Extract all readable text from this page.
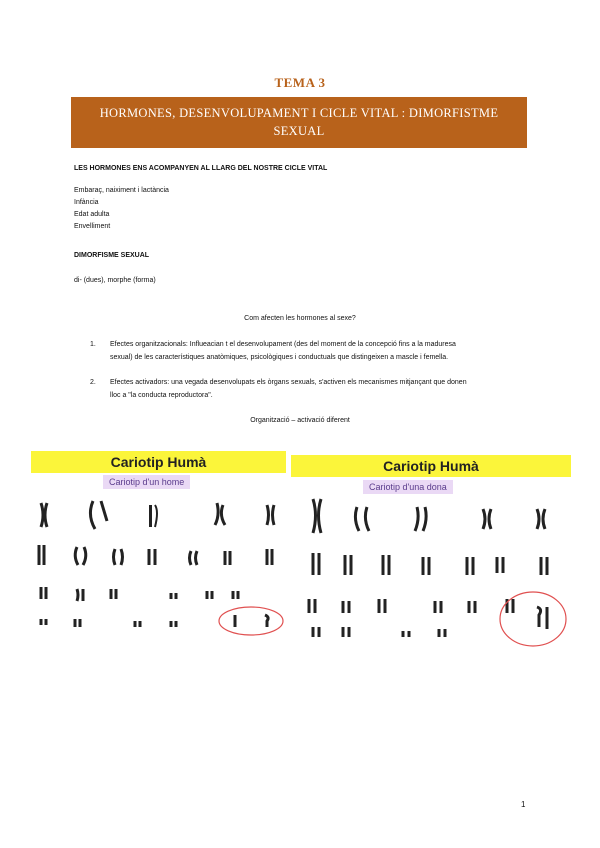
TEMA 3
HORMONES, DESENVOLUPAMENT I CICLE VITAL : DIMORFISTME
SEXUAL
LES HORMONES ENS ACOMPANYEN AL LLARG DEL NOSTRE CICLE VITAL
Embaraç, naiximent i lactància
Infància
Edat adulta
Envelliment
DIMORFISME SEXUAL
di- (dues), morphe (forma)
Com afecten les hormones al sexe?
1. Efectes organitzacionals: Influeacian t el desenvolupament (des del moment de la concepció fins a la maduresa
sexual) de les característiques anatòmiques, psicològiques i conductuals que distingeixen a mascle i femella.
2. Efectes activadors: una vegada desenvolupats els òrgans sexuals, s'activen els mecanismes mitjançant que donen
lloc a "la conducta reproductora".
Organització – activació diferent
Cariotip Humà
Cariotip d'un home
Cariotip Humà
Cariotip d'una dona
1
